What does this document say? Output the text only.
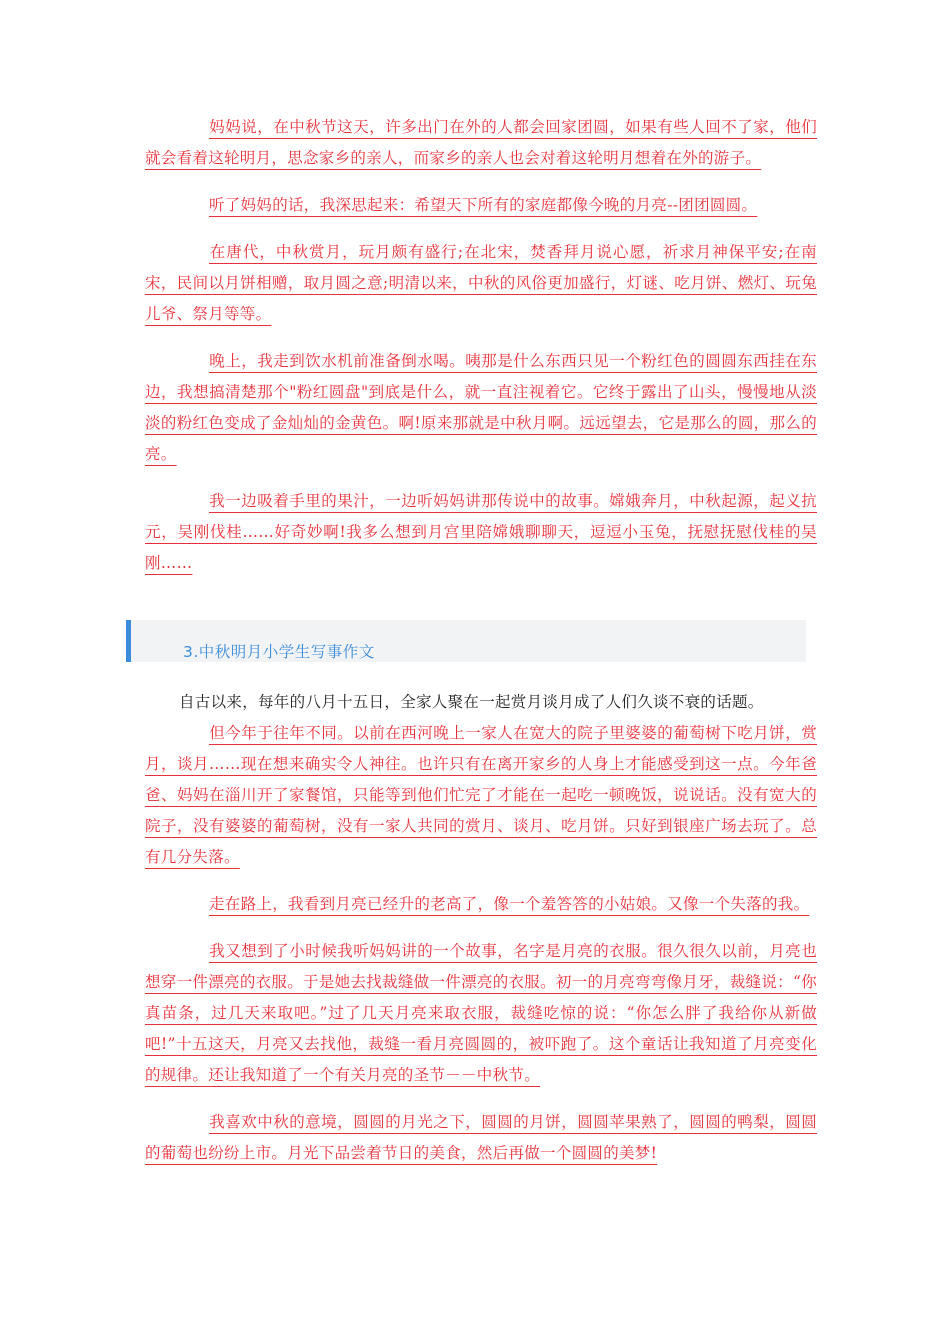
妈妈说，在中秋节这天，许多出门在外的人都会回家团圆，如果有些人回不了家，他们就会看着这轮明月，思念家乡的亲人，而家乡的亲人也会对着这轮明月想着在外的游子。

听了妈妈的话，我深思起来：希望天下所有的家庭都像今晚的月亮--团团圆圆。

在唐代，中秋赏月，玩月颇有盛行;在北宋，焚香拜月说心愿，祈求月神保平安;在南宋，民间以月饼相赠，取月圆之意;明清以来，中秋的风俗更加盛行，灯谜、吃月饼、燃灯、玩兔儿爷、祭月等等。

晚上，我走到饮水机前准备倒水喝。咦那是什么东西只见一个粉红色的圆圆东西挂在东边，我想搞清楚那个"粉红圆盘"到底是什么，就一直注视着它。它终于露出了山头，慢慢地从淡淡的粉红色变成了金灿灿的金黄色。啊!原来那就是中秋月啊。远远望去，它是那么的圆，那么的亮。

我一边吸着手里的果汁，一边听妈妈讲那传说中的故事。嫦娥奔月，中秋起源，起义抗元，吴刚伐桂……好奇妙啊!我多么想到月宫里陪嫦娥聊聊天，逗逗小玉兔，抚慰抚慰伐桂的吴刚……

3.中秋明月小学生写事作文

自古以来，每年的八月十五日，全家人聚在一起赏月谈月成了人们久谈不衰的话题。

但今年于往年不同。以前在西河晚上一家人在宽大的院子里婆婆的葡萄树下吃月饼，赏月，谈月……现在想来确实令人神往。也许只有在离开家乡的人身上才能感受到这一点。今年爸爸、妈妈在淄川开了家餐馆，只能等到他们忙完了才能在一起吃一顿晚饭，说说话。没有宽大的院子，没有婆婆的葡萄树，没有一家人共同的赏月、谈月、吃月饼。只好到银座广场去玩了。总有几分失落。

走在路上，我看到月亮已经升的老高了，像一个羞答答的小姑娘。又像一个失落的我。

我又想到了小时候我听妈妈讲的一个故事，名字是月亮的衣服。很久很久以前，月亮也想穿一件漂亮的衣服。于是她去找裁缝做一件漂亮的衣服。初一的月亮弯弯像月牙，裁缝说：“你真苗条，过几天来取吧。”过了几天月亮来取衣服，裁缝吃惊的说：“你怎么胖了我给你从新做吧!”十五这天，月亮又去找他，裁缝一看月亮圆圆的，被吓跑了。这个童话让我知道了月亮变化的规律。还让我知道了一个有关月亮的圣节－－中秋节。

我喜欢中秋的意境，圆圆的月光之下，圆圆的月饼，圆圆苹果熟了，圆圆的鸭梨，圆圆的葡萄也纷纷上市。月光下品尝着节日的美食，然后再做一个圆圆的美梦!
